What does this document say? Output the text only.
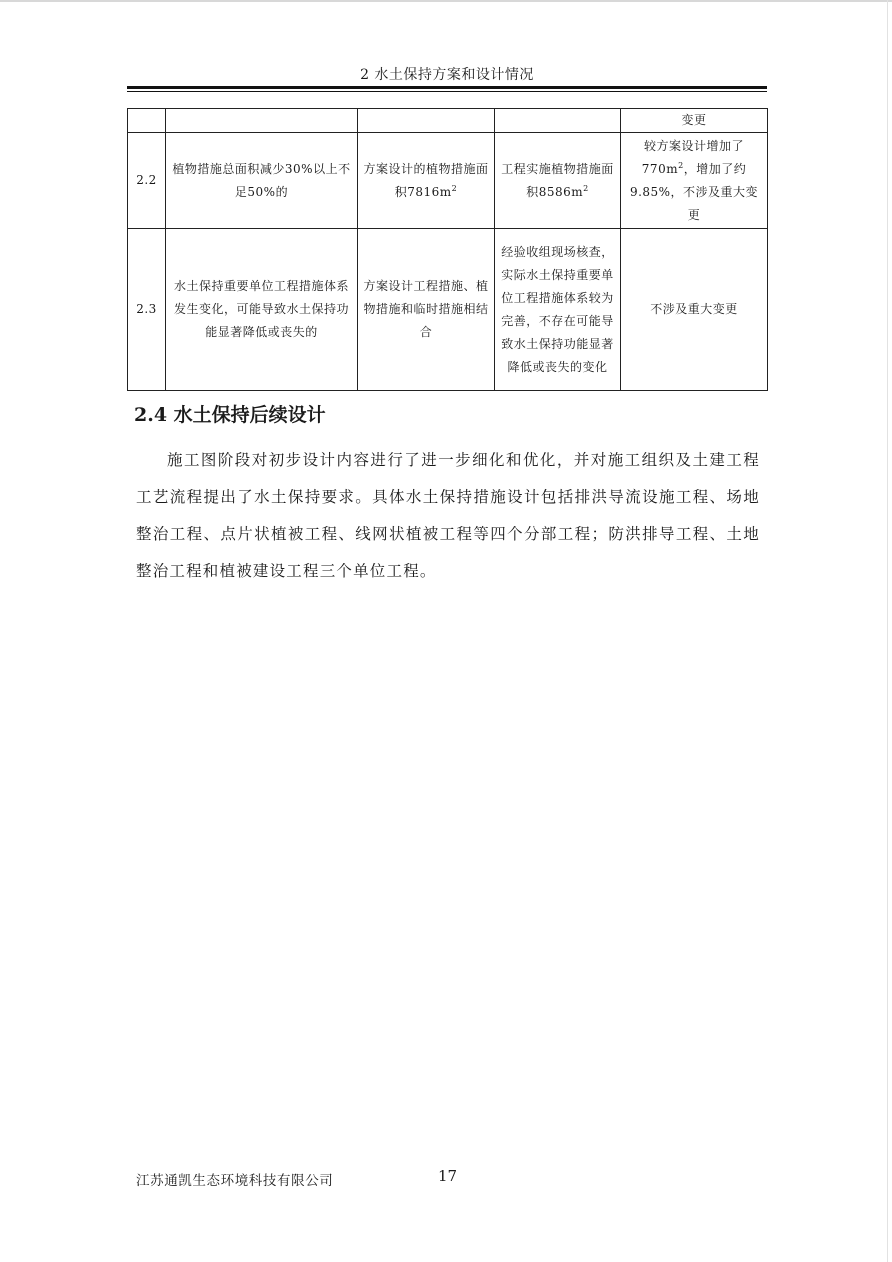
2 水土保持方案和设计情况
				变更
2.2	植物措施总面积减少30%以上不足50%的	方案设计的植物措施面积$7816m^2$	工程实施植物措施面积$8586m^2$	较方案设计增加了$770m^2$，增加了约9.85%，不涉及重大变更
2.3	水土保持重要单位工程措施体系发生变化，可能导致水土保持功能显著降低或丧失的	方案设计工程措施、植物措施和临时措施相结合	经验收组现场核查，实际水土保持重要单位工程措施体系较为完善，不存在可能导致水土保持功能显著降低或丧失的变化	不涉及重大变更
2.4 水土保持后续设计

施工图阶段对初步设计内容进行了进一步细化和优化，并对施工组织及土建工程工艺流程提出了水土保持要求。具体水土保持措施设计包括排洪导流设施工程、场地整治工程、点片状植被工程、线网状植被工程等四个分部工程；防洪排导工程、土地整治工程和植被建设工程三个单位工程。

江苏通凯生态环境科技有限公司	17
